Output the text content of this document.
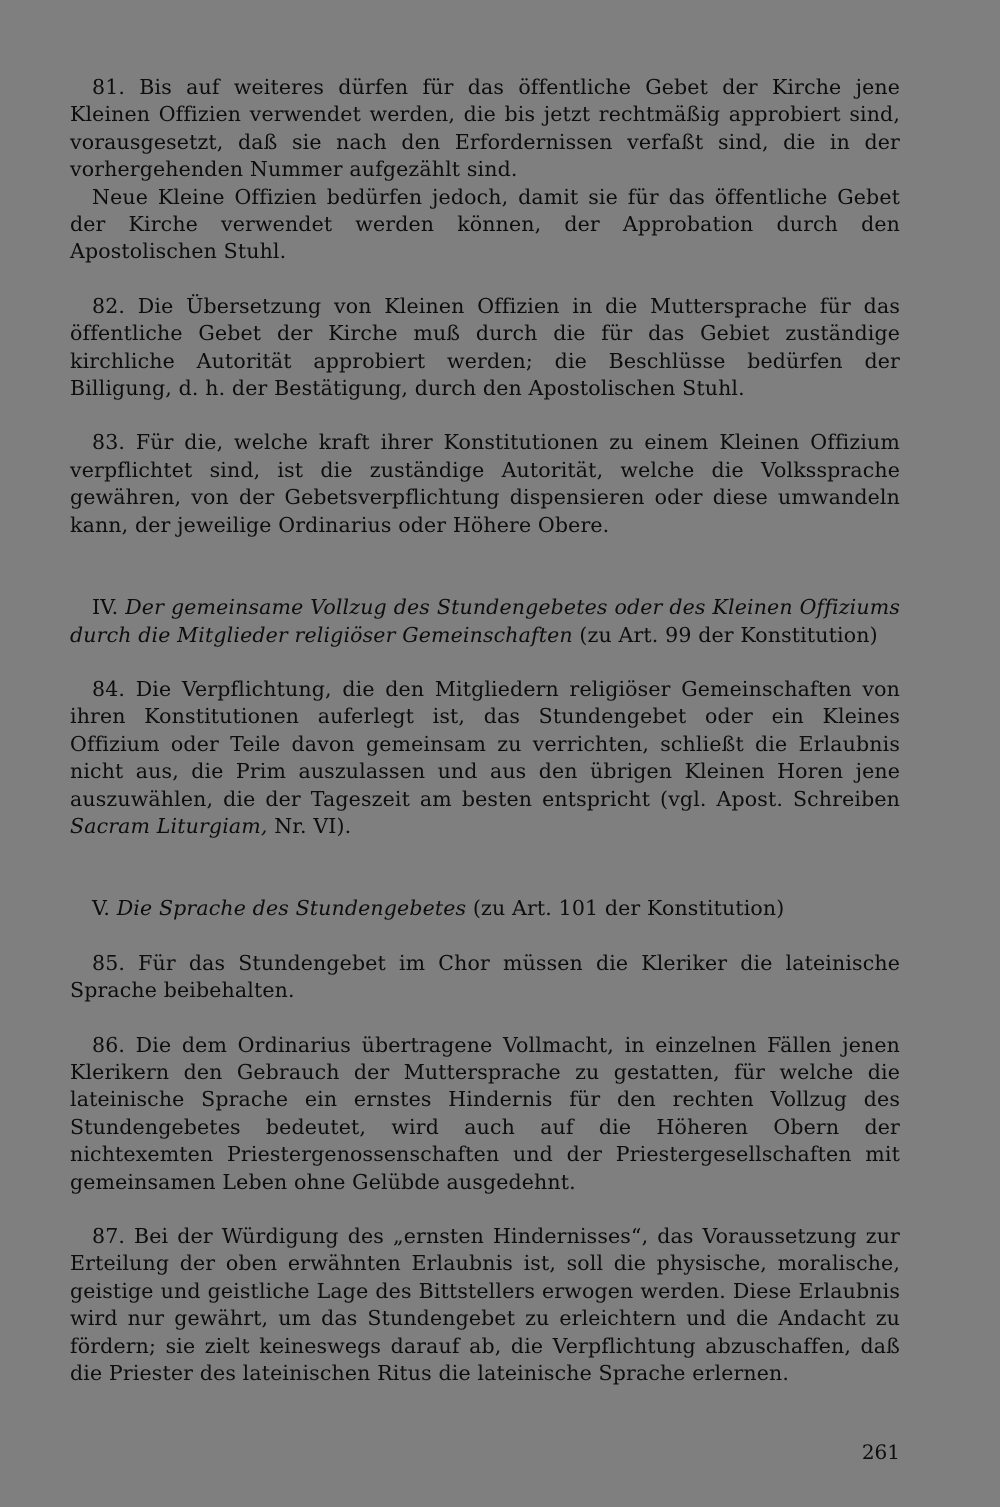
81. Bis auf weiteres dürfen für das öffentliche Gebet der Kirche jene Kleinen Offizien verwendet werden, die bis jetzt rechtmäßig approbiert sind, vorausgesetzt, daß sie nach den Erfordernissen verfaßt sind, die in der vorhergehenden Nummer aufgezählt sind.

Neue Kleine Offizien bedürfen jedoch, damit sie für das öffentliche Gebet der Kirche verwendet werden können, der Approbation durch den Apostolischen Stuhl.

82. Die Übersetzung von Kleinen Offizien in die Muttersprache für das öffentliche Gebet der Kirche muß durch die für das Gebiet zuständige kirchliche Autorität approbiert werden; die Beschlüsse bedürfen der Billigung, d. h. der Bestätigung, durch den Apostolischen Stuhl.

83. Für die, welche kraft ihrer Konstitutionen zu einem Kleinen Offizium verpflichtet sind, ist die zuständige Autorität, welche die Volkssprache gewähren, von der Gebetsverpflichtung dispensieren oder diese umwandeln kann, der jeweilige Ordinarius oder Höhere Obere.

IV. Der gemeinsame Vollzug des Stundengebetes oder des Kleinen Offiziums durch die Mitglieder religiöser Gemeinschaften (zu Art. 99 der Konstitution)

84. Die Verpflichtung, die den Mitgliedern religiöser Gemeinschaften von ihren Konstitutionen auferlegt ist, das Stundengebet oder ein Kleines Offizium oder Teile davon gemeinsam zu verrichten, schließt die Erlaubnis nicht aus, die Prim auszulassen und aus den übrigen Kleinen Horen jene auszuwählen, die der Tageszeit am besten entspricht (vgl. Apost. Schreiben Sacram Liturgiam, Nr. VI).

V. Die Sprache des Stundengebetes (zu Art. 101 der Konstitution)

85. Für das Stundengebet im Chor müssen die Kleriker die lateinische Sprache beibehalten.

86. Die dem Ordinarius übertragene Vollmacht, in einzelnen Fällen jenen Klerikern den Gebrauch der Muttersprache zu gestatten, für welche die lateinische Sprache ein ernstes Hindernis für den rechten Vollzug des Stundengebetes bedeutet, wird auch auf die Höheren Obern der nichtexemten Priestergenossenschaften und der Priestergesellschaften mit gemeinsamen Leben ohne Gelübde ausgedehnt.

87. Bei der Würdigung des „ernsten Hindernisses“, das Voraussetzung zur Erteilung der oben erwähnten Erlaubnis ist, soll die physische, moralische, geistige und geistliche Lage des Bittstellers erwogen werden. Diese Erlaubnis wird nur gewährt, um das Stundengebet zu erleichtern und die Andacht zu fördern; sie zielt keineswegs darauf ab, die Verpflichtung abzuschaffen, daß die Priester des lateinischen Ritus die lateinische Sprache erlernen.

261
